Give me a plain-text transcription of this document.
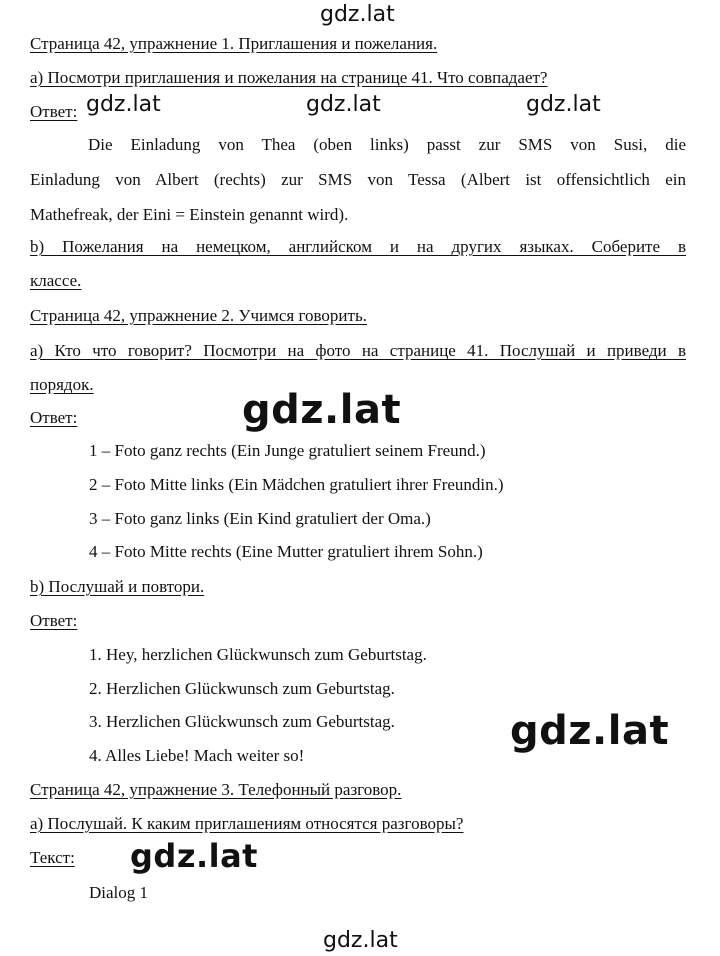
gdz.lat
Страница 42, упражнение 1. Приглашения и пожелания.
а) Посмотри приглашения и пожелания на странице 41. Что совпадает?
Ответ: gdz.lat	gdz.lat	gdz.lat
Die Einladung von Thea (oben links) passt zur SMS von Susi, die
Einladung von Albert (rechts) zur SMS von Tessa (Albert ist offensichtlich ein
Mathefreak, der Eini = Einstein genannt wird).
b) Пожелания на немецком, английском и на других языках. Соберите в
классе.
Страница 42, упражнение 2. Учимся говорить.
а) Кто что говорит? Посмотри на фото на странице 41. Послушай и приведи в
порядок.
Ответ:	gdz.lat
1 – Foto ganz rechts (Ein Junge gratuliert seinem Freund.)
2 – Foto Mitte links (Ein Mädchen gratuliert ihrer Freundin.)
3 – Foto ganz links (Ein Kind gratuliert der Oma.)
4 – Foto Mitte rechts (Eine Mutter gratuliert ihrem Sohn.)
b) Послушай и повтори.
Ответ:
1. Hey, herzlichen Glückwunsch zum Geburtstag.
2. Herzlichen Glückwunsch zum Geburtstag.
3. Herzlichen Glückwunsch zum Geburtstag.
4. Alles Liebe! Mach weiter so!
gdz.lat
Страница 42, упражнение 3. Телефонный разговор.
а) Послушай. К каким приглашениям относятся разговоры?
Текст: gdz.lat
Dialog 1
gdz.lat
